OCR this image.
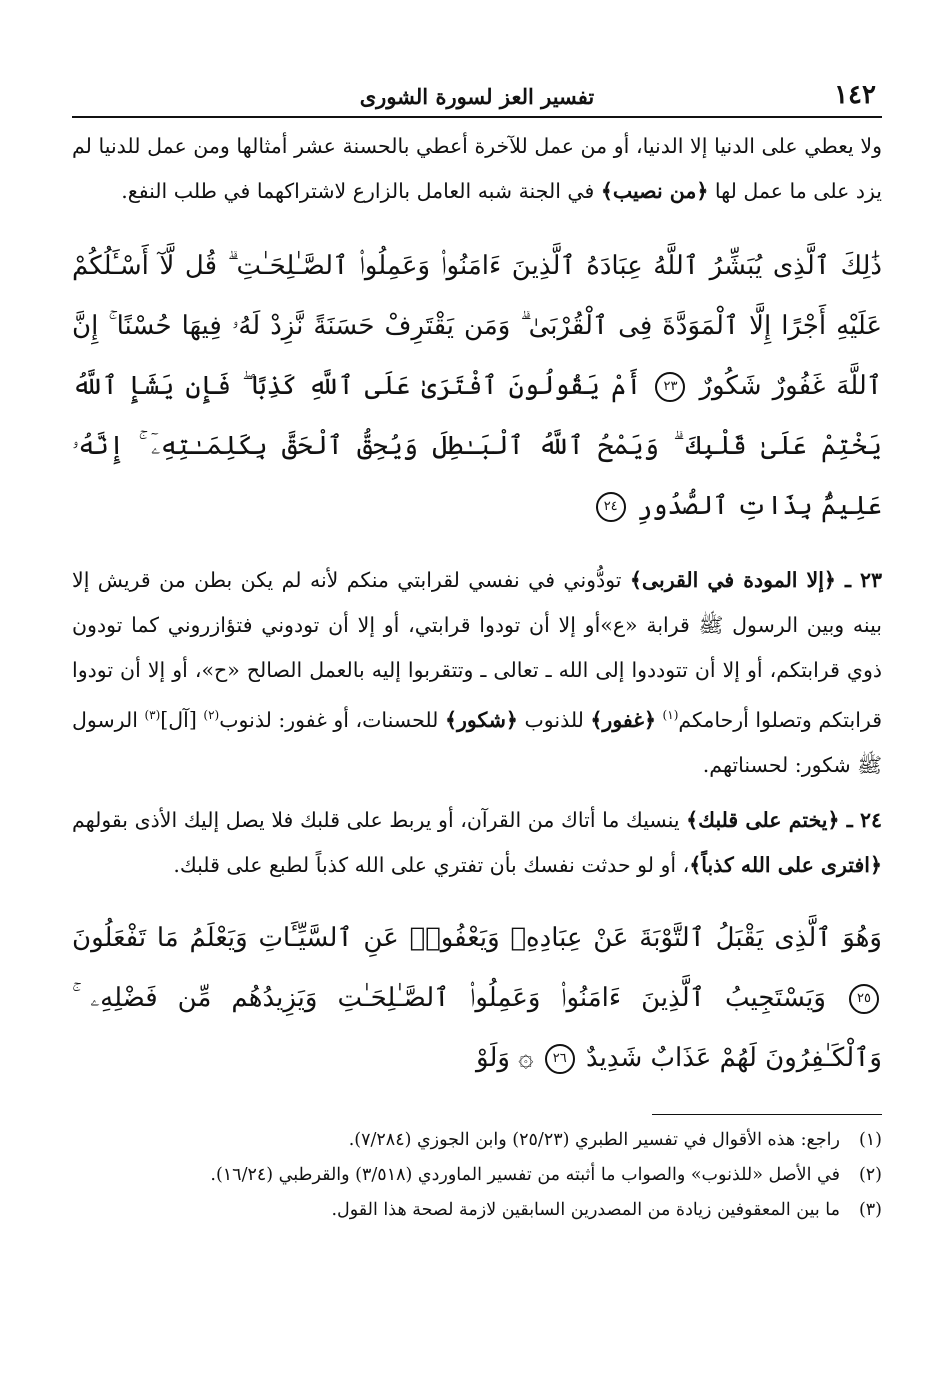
١٤٢
تفسير العز لسورة الشورى

ولا يعطي على الدنيا إلا الدنيا، أو من عمل للآخرة أعطي بالحسنة عشر أمثالها ومن عمل للدنيا لم يزد على ما عمل لها ﴿من نصيب﴾ في الجنة شبه العامل بالزارع لاشتراكهما في طلب النفع.

ذَٰلِكَ ٱلَّذِى يُبَشِّرُ ٱللَّهُ عِبَادَهُ ٱلَّذِينَ ءَامَنُوا۟ وَعَمِلُوا۟ ٱلصَّـٰلِحَـٰتِ ۗ قُل لَّآ أَسْـَٔلُكُمْ عَلَيْهِ أَجْرًا إِلَّا ٱلْمَوَدَّةَ فِى ٱلْقُرْبَىٰ ۗ وَمَن يَقْتَرِفْ حَسَنَةً نَّزِدْ لَهُۥ فِيهَا حُسْنًا ۚ إِنَّ ٱللَّهَ غَفُورٌ شَكُورٌ ٢٣ أَمْ يَقُولُونَ ٱفْتَرَىٰ عَلَى ٱللَّهِ كَذِبًا ۖ فَإِن يَشَإِ ٱللَّهُ يَخْتِمْ عَلَىٰ قَلْبِكَ ۗ وَيَمْحُ ٱللَّهُ ٱلْبَـٰطِلَ وَيُحِقُّ ٱلْحَقَّ بِكَلِمَـٰتِهِۦٓ ۚ إِنَّهُۥ عَلِيمٌۢ بِذَاتِ ٱلصُّدُورِ ٢٤

٢٣ ـ ﴿إلا المودة في القربى﴾ تودُّوني في نفسي لقرابتي منكم لأنه لم يكن بطن من قريش إلا بينه وبين الرسول ﷺ قرابة «ع»أو إلا أن تودوا قرابتي، أو إلا أن تودوني فتؤازروني كما تودون ذوي قرابتكم، أو إلا أن تتوددوا إلى الله ـ تعالى ـ وتتقربوا إليه بالعمل الصالح «ح»، أو إلا أن تودوا قرابتكم وتصلوا أرحامكم$^{(١)}$ ﴿غفور﴾ للذنوب ﴿شكور﴾ للحسنات، أو غفور: لذنوب$^{(٢)}$ [آل]$^{(٣)}$ الرسول ﷺ شكور: لحسناتهم.

٢٤ ـ ﴿يختم على قلبك﴾ ينسيك ما أتاك من القرآن، أو يربط على قلبك فلا يصل إليك الأذى بقولهم ﴿افترى على الله كذباً﴾، أو لو حدثت نفسك بأن تفتري على الله كذباً لطبع على قلبك.

وَهُوَ ٱلَّذِى يَقْبَلُ ٱلتَّوْبَةَ عَنْ عِبَادِهِۦ وَيَعْفُوا۟ عَنِ ٱلسَّيِّـَٔاتِ وَيَعْلَمُ مَا تَفْعَلُونَ ٢٥ وَيَسْتَجِيبُ ٱلَّذِينَ ءَامَنُوا۟ وَعَمِلُوا۟ ٱلصَّـٰلِحَـٰتِ وَيَزِيدُهُم مِّن فَضْلِهِۦ ۚ وَٱلْكَـٰفِرُونَ لَهُمْ عَذَابٌ شَدِيدٌ ٢٦ ۞ وَلَوْ

(١)
راجع: هذه الأقوال في تفسير الطبري (٢٥/٢٣) وابن الجوزي (٧/٢٨٤).

(٢)
في الأصل «للذنوب» والصواب ما أثبته من تفسير الماوردي (٣/٥١٨) والقرطبي (١٦/٢٤).

(٣)
ما بين المعقوفين زيادة من المصدرين السابقين لازمة لصحة هذا القول.
